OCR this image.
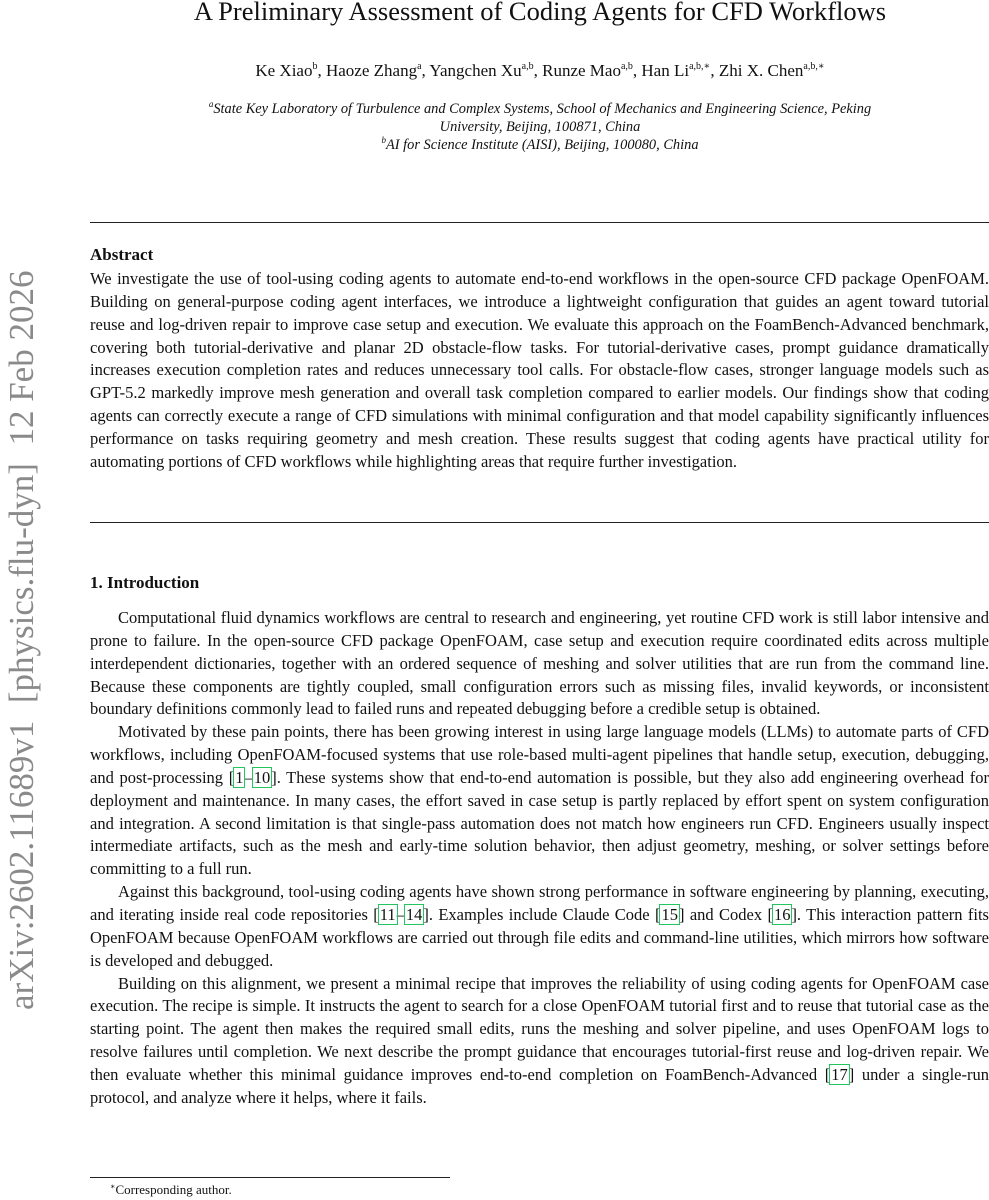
arXiv:2602.11689v1  [physics.flu-dyn]  12 Feb 2026
A Preliminary Assessment of Coding Agents for CFD Workflows
Ke Xiao$^b$, Haoze Zhang$^a$, Yangchen Xu$^{a,b}$, Runze Mao$^{a,b}$, Han $Li^{a,b,∗}$, Zhi X. Chen$^{a,b,∗}$
$^a$State Key Laboratory of Turbulence and Complex Systems, School of Mechanics and Engineering Science, Peking
University, Beijing, 100871, China
$^b$AI for Science Institute (AISI), Beijing, 100080, China
Abstract

We investigate the use of tool-using coding agents to automate end-to-end workflows in the open-source CFD package OpenFOAM. Building on general-purpose coding agent interfaces, we introduce a lightweight configuration that guides an agent toward tutorial reuse and log-driven repair to improve case setup and execution. We evaluate this approach on the FoamBench-Advanced benchmark, covering both tutorial-derivative and planar 2D obstacle-flow tasks. For tutorial-derivative cases, prompt guidance dramatically increases execution completion rates and reduces unnecessary tool calls. For obstacle-flow cases, stronger language models such as GPT-5.2 markedly improve mesh generation and overall task completion compared to earlier models. Our findings show that coding agents can correctly execute a range of CFD simulations with minimal configuration and that model capability significantly influences performance on tasks requiring geometry and mesh creation. These results suggest that coding agents have practical utility for automating portions of CFD workflows while highlighting areas that require further investigation.

1. Introduction

Computational fluid dynamics workflows are central to research and engineering, yet routine CFD work is still labor intensive and prone to failure. In the open-source CFD package OpenFOAM, case setup and execution require coordinated edits across multiple interdependent dictionaries, together with an ordered sequence of meshing and solver utilities that are run from the command line. Because these components are tightly coupled, small configuration errors such as missing files, invalid keywords, or inconsistent boundary definitions commonly lead to failed runs and repeated debugging before a credible setup is obtained.

Motivated by these pain points, there has been growing interest in using large language models (LLMs) to automate parts of CFD workflows, including OpenFOAM-focused systems that use role-based multi-agent pipelines that handle setup, execution, debugging, and post-processing [1–10]. These systems show that end-to-end automation is possible, but they also add engineering overhead for deployment and maintenance. In many cases, the effort saved in case setup is partly replaced by effort spent on system configuration and integration. A second limitation is that single-pass automation does not match how engineers run CFD. Engineers usually inspect intermediate artifacts, such as the mesh and early-time solution behavior, then adjust geometry, meshing, or solver settings before committing to a full run.

Against this background, tool-using coding agents have shown strong performance in software engineering by planning, executing, and iterating inside real code repositories [11–14]. Examples include Claude Code [15] and Codex [16]. This interaction pattern fits OpenFOAM because OpenFOAM workflows are carried out through file edits and command-line utilities, which mirrors how software is developed and debugged.

Building on this alignment, we present a minimal recipe that improves the reliability of using coding agents for OpenFOAM case execution. The recipe is simple. It instructs the agent to search for a close OpenFOAM tutorial first and to reuse that tutorial case as the starting point. The agent then makes the required small edits, runs the meshing and solver pipeline, and uses OpenFOAM logs to resolve failures until completion. We next describe the prompt guidance that encourages tutorial-first reuse and log-driven repair. We then evaluate whether this minimal guidance improves end-to-end completion on FoamBench-Advanced [17] under a single-run protocol, and analyze where it helps, where it fails.

∗Corresponding author.
